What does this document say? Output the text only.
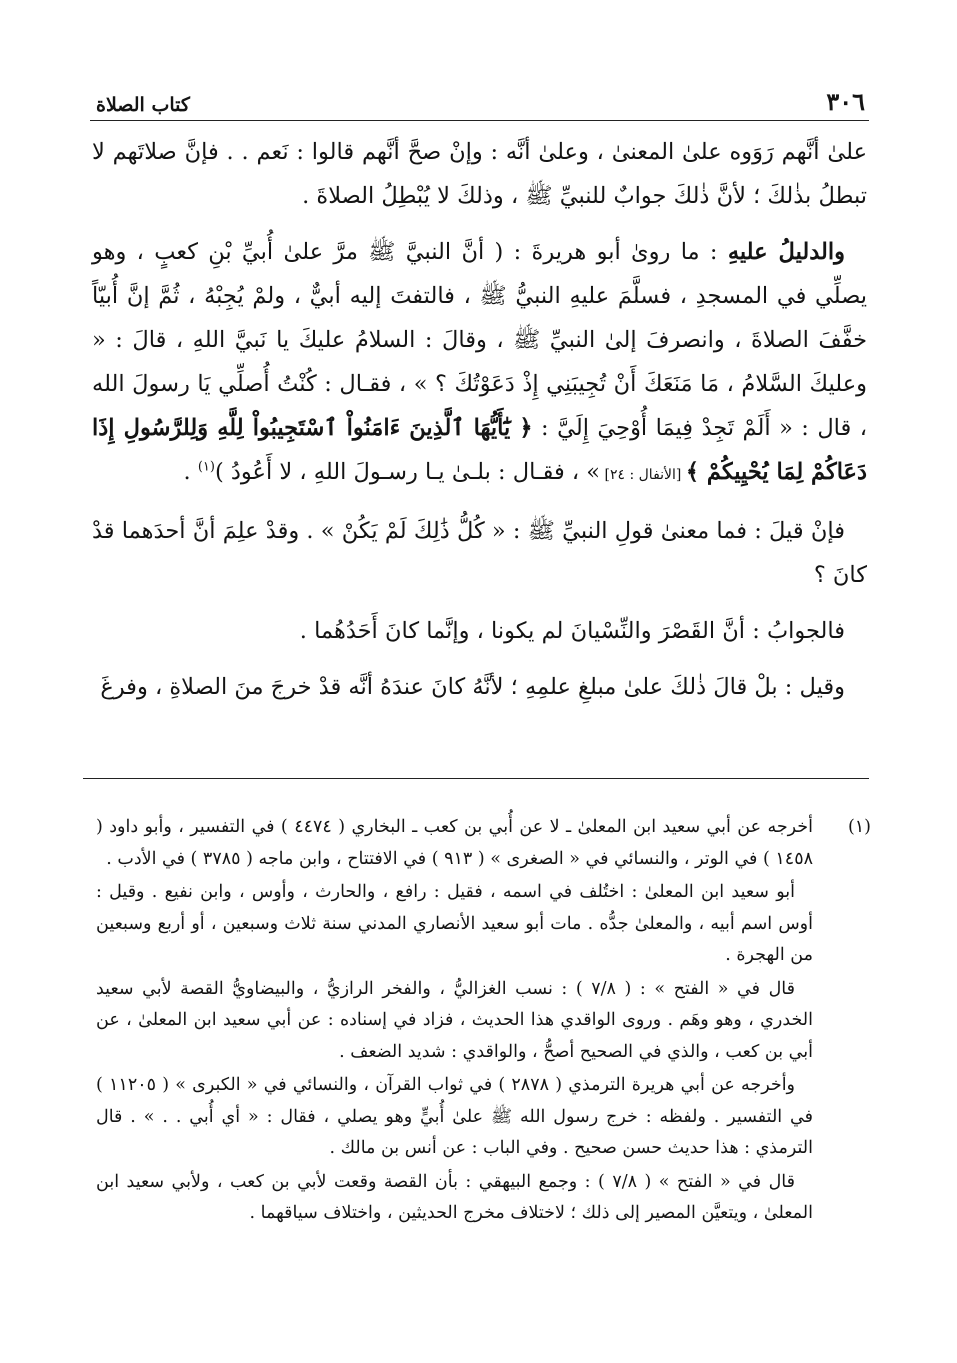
٣٠٦
كتاب الصلاة

علىٰ أنَّهم رَوَوه علىٰ المعنىٰ ، وعلىٰ أنَّه : وإنْ صحَّ أنَّهم قالوا : نَعم . . فإنَّ صلاتَهم لا تبطلُ بذٰلكَ ؛ لأنَّ ذٰلكَ جوابٌ للنبيِّ ﷺ ، وذلكَ لا يُبْطِلُ الصلاةَ .

والدليلُ عليهِ : ما روىٰ أبو هريرةَ : ( أنَّ النبيَّ ﷺ مرَّ علىٰ أُبيِّ بْنِ كعبٍ ، وهو يصلِّي في المسجدِ ، فسلَّمَ عليهِ النبيُّ ﷺ ، فالتفتَ إليه أبيٌّ ، ولمْ يُجِبْهُ ، ثُمَّ إنَّ أُبيّاً خفَّفَ الصلاةَ ، وانصرفَ إلىٰ النبيِّ ﷺ ، وقالَ : السلامُ عليكَ يا نَبيَّ اللهِ ، قالَ : « وعليكَ السَّلامُ ، مَا مَنَعَكَ أَنْ تُجِيبَنِي إِذْ دَعَوْتُكَ ؟ » ، فقـال : كُنْتُ أُصلِّي يَا رسولَ الله ، قال : « أَلَمْ تَجِدْ فِيمَا أُوْحِيَ إِلَيَّ : ﴿ يَٰٓأَيُّهَا ٱلَّذِينَ ءَامَنُواْ ٱسْتَجِيبُواْ لِلَّهِ وَلِلرَّسُولِ إِذَا دَعَاكُمْ لِمَا يُحْيِيكُمْ ﴾ [الأنفال : ٢٤] » ، فقـال : بلـىٰ يـا رسـولَ اللهِ ، لا أَعُودُ )$^{(١)}$ .

فإنْ قيلَ : فما معنىٰ قولِ النبيِّ ﷺ : « كُلُّ ذَٰلِكَ لَمْ يَكُنْ » . وقدْ علِمَ أنَّ أحدَهما قدْ كانَ ؟

فالجوابُ : أنَّ القَصْرَ والنِّسْيانَ لم يكونا ، وإنَّما كانَ أَحَدُهُما .

وقيل : بلْ قالَ ذٰلكَ علىٰ مبلغِ علمِهِ ؛ لأنَّهُ كانَ عندَهُ أنَّه قدْ خرجَ منَ الصلاةِ ، وفرغَ

(١)

أخرجه عن أبي سعيد ابن المعلىٰ ـ لا عن أُبي بن كعب ـ البخاري ( ٤٤٧٤ ) في التفسير ، وأبو داود ( ١٤٥٨ ) في الوتر ، والنسائي في « الصغرى » ( ٩١٣ ) في الافتتاح ، وابن ماجه ( ٣٧٨٥ ) في الأدب .

أبو سعيد ابن المعلىٰ : اختُلف في اسمه ، فقيل : رافع ، والحارث ، وأوس ، وابن نفيع . وقيل : أوس اسم أبيه ، والمعلىٰ جدُّه . مات أبو سعيد الأنصاري المدني سنة ثلاث وسبعين ، أو أربع وسبعين من الهجرة .

قال في « الفتح » : ( ٧/٨ ) : نسب الغزاليُّ ، والفخر الرازيُّ ، والبيضاويُّ القصة لأبي سعيد الخدري ، وهو وهَم . وروى الواقدي هذا الحديث ، فزاد في إسناده : عن أبي سعيد ابن المعلىٰ ، عن أبي بن كعب ، والذي في الصحيح أصحُّ ، والواقدي : شديد الضعف .

وأخرجه عن أبي هريرة الترمذي ( ٢٨٧٨ ) في ثواب القرآن ، والنسائي في « الكبرى » ( ١١٢٠٥ ) في التفسير . ولفظه : خرج رسول الله ﷺ علىٰ أُبيٍّ وهو يصلي ، فقال : « أي أُبي . . » . قال الترمذي : هذا حديث حسن صحيح . وفي الباب : عن أنس بن مالك .

قال في « الفتح » ( ٧/٨ ) : وجمع البيهقي : بأن القصة وقعت لأبي بن كعب ، ولأبي سعيد ابن المعلىٰ ، ويتعيَّن المصير إلى ذلك ؛ لاختلاف مخرج الحديثين ، واختلاف سياقهما .
